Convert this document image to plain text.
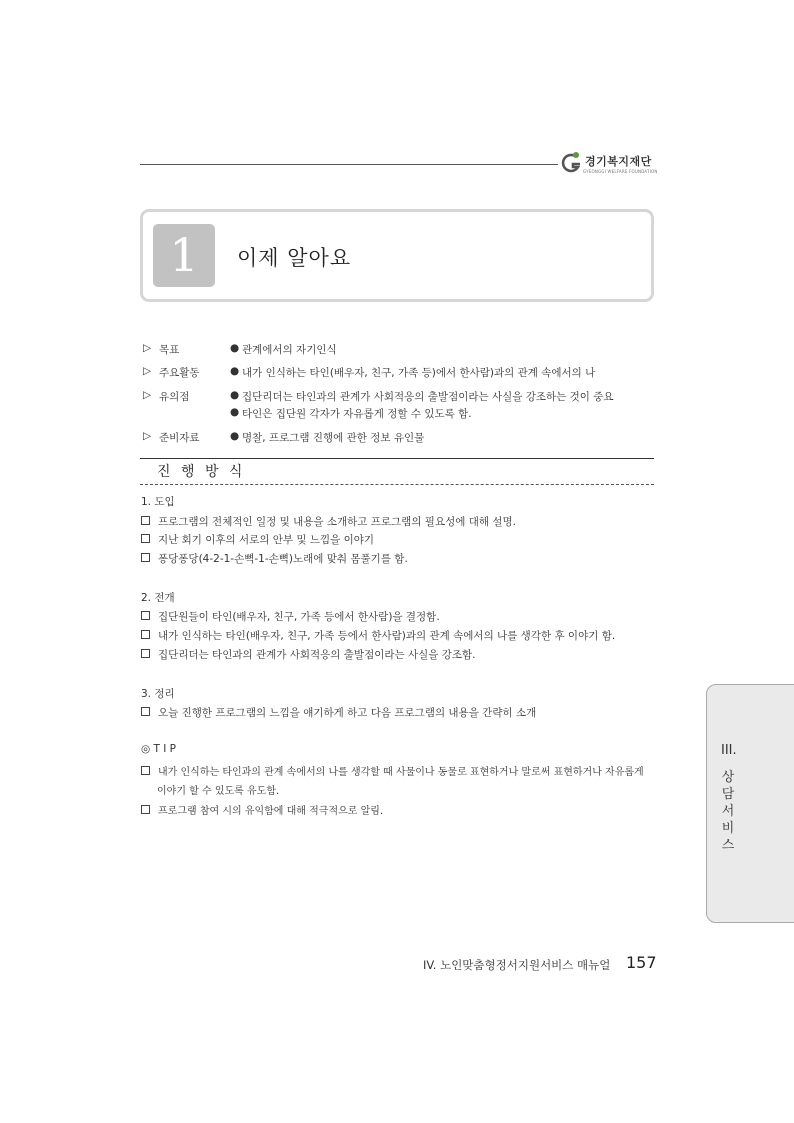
경기복지재단
GYEONGGI WELFARE FOUNDATION
1	이제 알아요
▷ 목표	● 관계에서의 자기인식
▷ 주요활동	● 내가 인식하는 타인(배우자, 친구, 가족 등)에서 한사람)과의 관계 속에서의 나
▷ 유의점	● 집단리더는 타인과의 관계가 사회적응의 출발점이라는 사실을 강조하는 것이 중요
● 타인은 집단원 각자가 자유롭게 정할 수 있도록 함.
▷ 준비자료	● 명찰, 프로그램 진행에 관한 정보 유인물
진 행 방 식
1. 도입
프로그램의 전체적인 일정 및 내용을 소개하고 프로그램의 필요성에 대해 설명.
지난 회기 이후의 서로의 안부 및 느낌을 이야기
퐁당퐁당(4-2-1-손뼉-1-손뼉)노래에 맞춰 몸풀기를 함.
2. 전개
집단원들이 타인(배우자, 친구, 가족 등에서 한사람)을 결정함.
내가 인식하는 타인(배우자, 친구, 가족 등에서 한사람)과의 관계 속에서의 나를 생각한 후 이야기 함.
집단리더는 타인과의 관계가 사회적응의 출발점이라는 사실을 강조함.
3. 정리
오늘 진행한 프로그램의 느낌을 얘기하게 하고 다음 프로그램의 내용을 간략히 소개
◎ T I P
내가 인식하는 타인과의 관계 속에서의 나를 생각할 때 사물이나 동물로 표현하거나 말로써 표현하거나 자유롭게
이야기 할 수 있도록 유도함.
프로그램 참여 시의 유익함에 대해 적극적으로 알림.
III.
상담서비스
IV. 노인맞춤형정서지원서비스 매뉴얼 157
